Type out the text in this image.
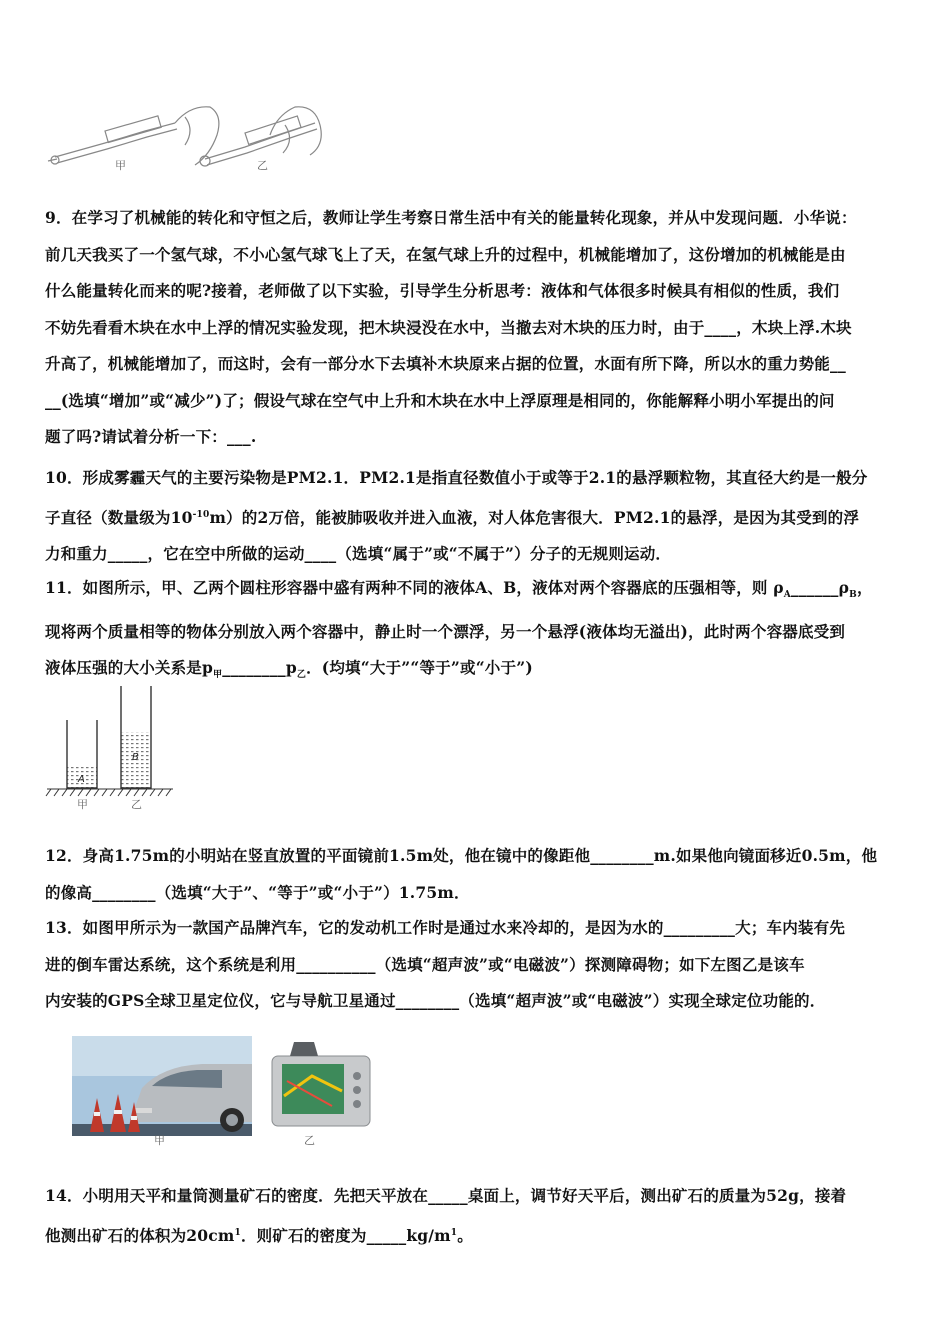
甲	乙

9．在学习了机械能的转化和守恒之后，教师让学生考察日常生活中有关的能量转化现象，并从中发现问题．小华说：

前几天我买了一个氢气球，不小心氢气球飞上了天，在氢气球上升的过程中，机械能增加了，这份增加的机械能是由

什么能量转化而来的呢?接着，老师做了以下实验，引导学生分析思考：液体和气体很多时候具有相似的性质，我们

不妨先看看木块在水中上浮的情况实验发现，把木块浸没在水中，当撤去对木块的压力时，由于____，木块上浮.木块

升高了，机械能增加了，而这时，会有一部分水下去填补木块原来占据的位置，水面有所下降，所以水的重力势能__

__(选填“增加”或“减少”)了；假设气球在空气中上升和木块在水中上浮原理是相同的，你能解释小明小军提出的问

题了吗?请试着分析一下：___.

10．形成雾霾天气的主要污染物是PM2.1．PM2.1是指直径数值小于或等于2.1的悬浮颗粒物，其直径大约是一般分

子直径（数量级为$10^{-10}m$）的2万倍，能被肺吸收并进入血液，对人体危害很大．PM2.1的悬浮，是因为其受到的浮

力和重力_____，它在空中所做的运动____（选填“属于”或“不属于”）分子的无规则运动．

11．如图所示，甲、乙两个圆柱形容器中盛有两种不同的液体A、B，液体对两个容器底的压强相等，则 $\rho_A\_\_\_\_\_\_\rho_B$，

现将两个质量相等的物体分别放入两个容器中，静止时一个漂浮，另一个悬浮(液体均无溢出)，此时两个容器底受到

液体压强的大小关系是$p_甲\_\_\_\_\_\_\_\_p_乙$．(均填“大于”“等于”或“小于”)

A
B
甲	乙

12．身高1.75m的小明站在竖直放置的平面镜前1.5m处，他在镜中的像距他________m.如果他向镜面移近0.5m，他

的像高________（选填“大于”、“等于”或“小于”）1.75m．

13．如图甲所示为一款国产品牌汽车，它的发动机工作时是通过水来冷却的，是因为水的_________大；车内装有先

进的倒车雷达系统，这个系统是利用__________（选填“超声波”或“电磁波”）探测障碍物；如下左图乙是该车

内安装的GPS全球卫星定位仪，它与导航卫星通过________（选填“超声波”或“电磁波”）实现全球定位功能的．

甲	乙

14．小明用天平和量筒测量矿石的密度．先把天平放在_____桌面上，调节好天平后，测出矿石的质量为52g，接着

他测出矿石的体积为$20cm^1$．则矿石的密度为$\_\_\_\_\_kg/m^1$。
